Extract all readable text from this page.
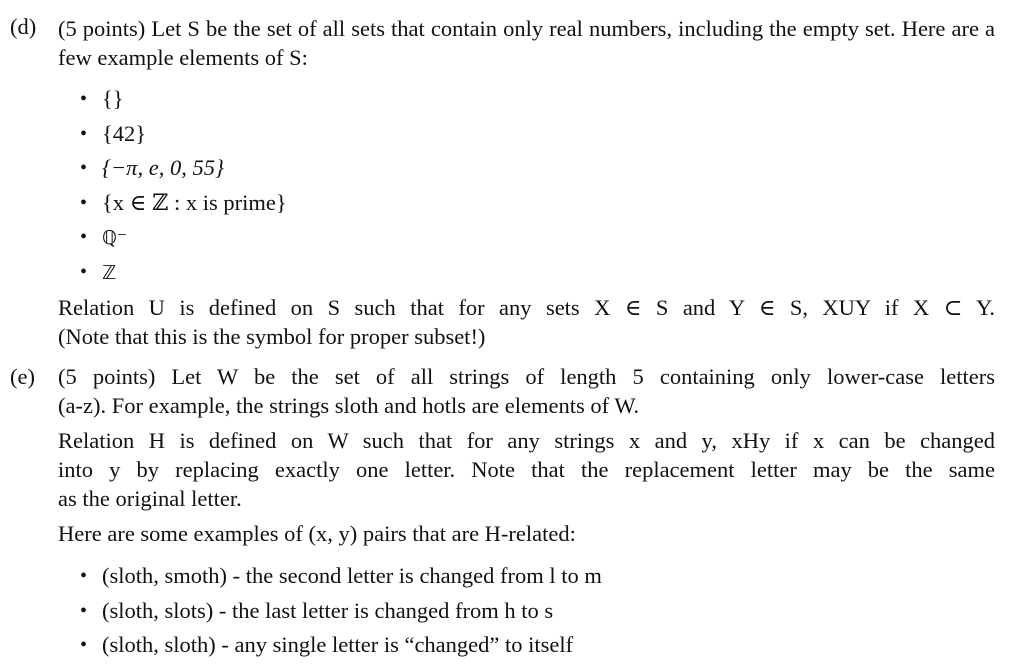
(d) (5 points) Let S be the set of all sets that contain only real numbers, including the empty set. Here are a few example elements of S:
• {}
• {42}
• {−π, e, 0, 55}
• {x ∈ ℤ : x is prime}
• ℚ⁻
• ℤ
Relation U is defined on S such that for any sets X ∈ S and Y ∈ S, XUY if X ⊂ Y.
(Note that this is the symbol for proper subset!)
(e)	(5 points) Let W be the set of all strings of length 5 containing only lower-case letters
(a-z). For example, the strings sloth and hotls are elements of W.
Relation H is defined on W such that for any strings x and y, xHy if x can be changed
into y by replacing exactly one letter. Note that the replacement letter may be the same
as the original letter.
Here are some examples of (x, y) pairs that are H-related:
• (sloth, smoth) - the second letter is changed from l to m
• (sloth, slots) - the last letter is changed from h to s
• (sloth, sloth) - any single letter is “changed” to itself
